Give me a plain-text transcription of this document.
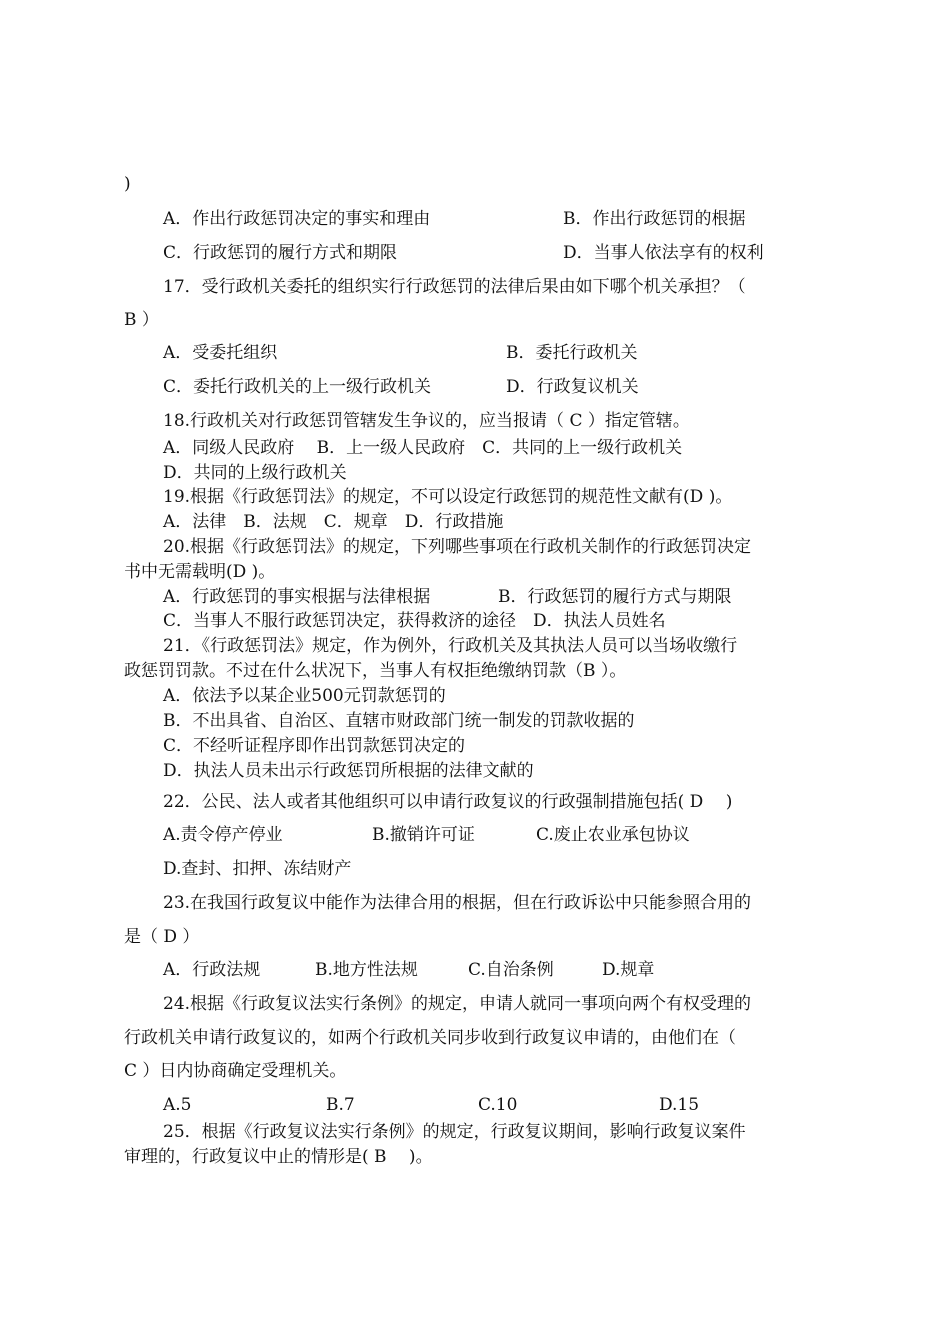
)
A．作出行政惩罚决定的事实和理由	B．作出行政惩罚的根据
C．行政惩罚的履行方式和期限	D．当事人依法享有的权利
17．受行政机关委托的组织实行行政惩罚的法律后果由如下哪个机关承担？（
B ）
A．受委托组织	B．委托行政机关
C．委托行政机关的上一级行政机关	D．行政复议机关
18.行政机关对行政惩罚管辖发生争议的，应当报请（ C ）指定管辖。
A．同级人民政府　 B．上一级人民政府　C．共同的上一级行政机关
D．共同的上级行政机关
19.根据《行政惩罚法》的规定，不可以设定行政惩罚的规范性文献有(D )。
A．法律　B．法规　C．规章　D．行政措施
20.根据《行政惩罚法》的规定，下列哪些事项在行政机关制作的行政惩罚决定
书中无需载明(D )。
A．行政惩罚的事实根据与法律根据	B．行政惩罚的履行方式与期限
C．当事人不服行政惩罚决定，获得救济的途径　D．执法人员姓名
21．《行政惩罚法》规定，作为例外，行政机关及其执法人员可以当场收缴行
政惩罚罚款。不过在什么状况下，当事人有权拒绝缴纳罚款（B ）。
A．依法予以某企业500元罚款惩罚的
B．不出具省、自治区、直辖市财政部门统一制发的罚款收据的
C．不经听证程序即作出罚款惩罚决定的
D．执法人员未出示行政惩罚所根据的法律文献的
22．公民、法人或者其他组织可以申请行政复议的行政强制措施包括( D 　)
A.责令停产停业	B.撤销许可证	C.废止农业承包协议
D.查封、扣押、冻结财产
23.在我国行政复议中能作为法律合用的根据，但在行政诉讼中只能参照合用的
是（ D ）
A．行政法规	B.地方性法规	C.自治条例	D.规章
24.根据《行政复议法实行条例》的规定，申请人就同一事项向两个有权受理的
行政机关申请行政复议的，如两个行政机关同步收到行政复议申请的，由他们在（
C ）日内协商确定受理机关。
A.5	B.7	C.10	D.15
25．根据《行政复议法实行条例》的规定，行政复议期间，影响行政复议案件
审理的，行政复议中止的情形是( B 　)。
